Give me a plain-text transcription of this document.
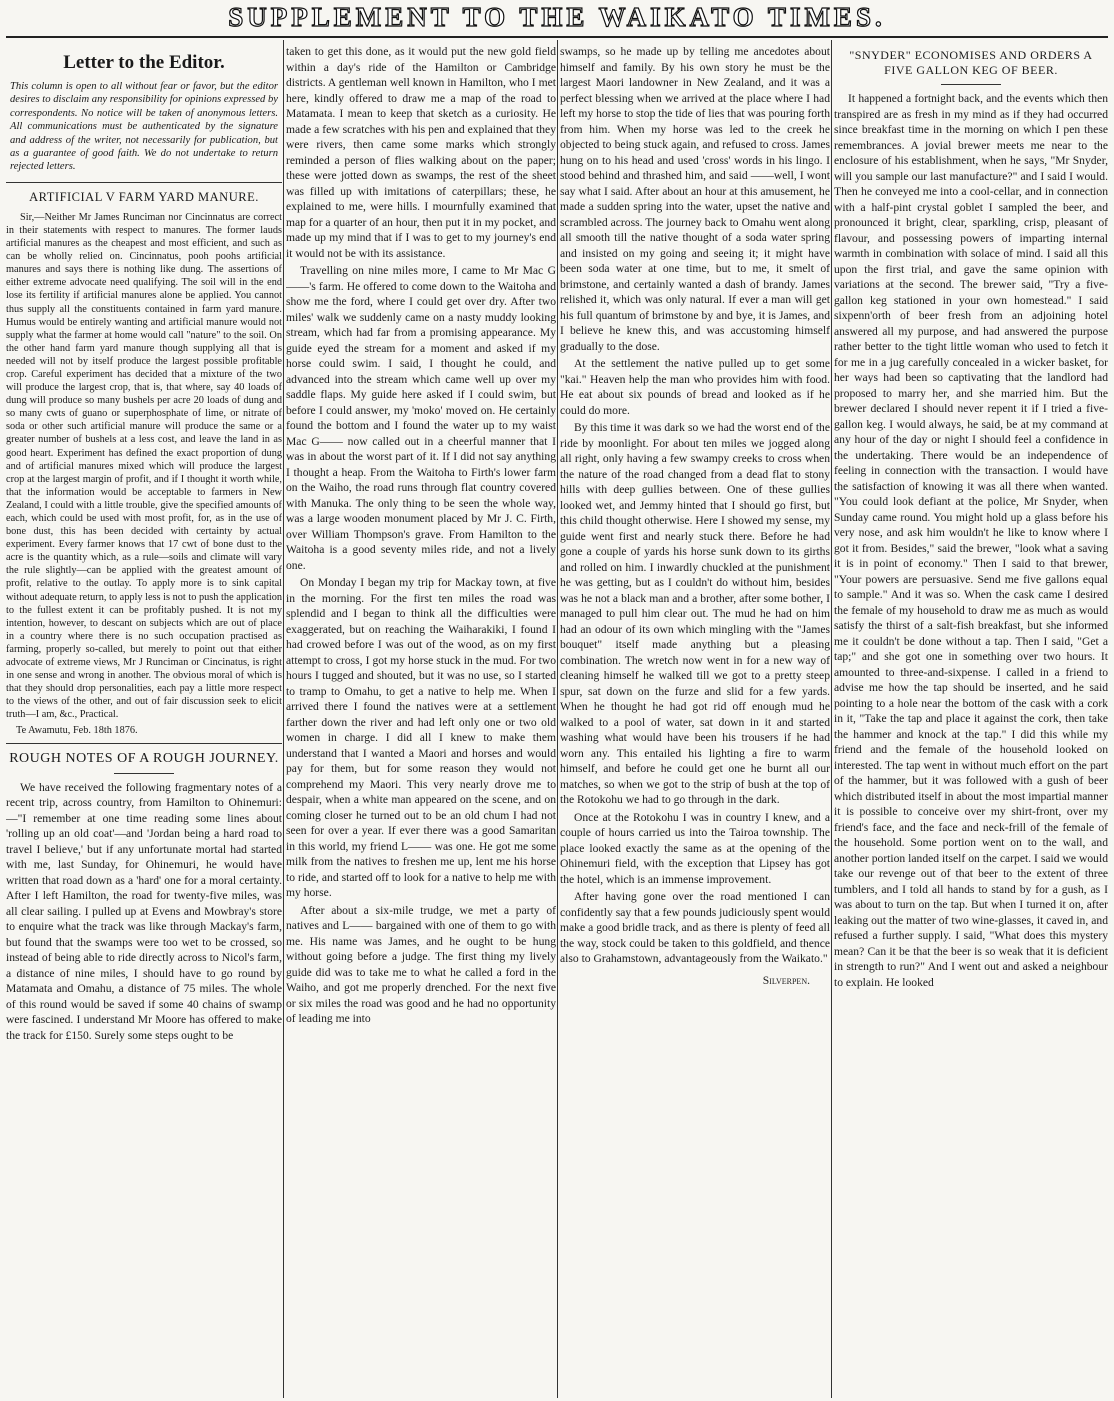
SUPPLEMENT TO THE WAIKATO TIMES.
Letter to the Editor.
This column is open to all without fear or favor, but the editor desires to disclaim any responsibility for opinions expressed by correspondents. No notice will be taken of anonymous letters. All communications must be authenticated by the signature and address of the writer, not necessarily for publication, but as a guarantee of good faith. We do not undertake to return rejected letters.
ARTIFICIAL V FARM YARD MANURE.

Sir,—Neither Mr James Runciman nor Cincinnatus are correct in their statements with respect to manures. The former lauds artificial manures as the cheapest and most efficient, and such as can be wholly relied on. Cincinnatus, pooh poohs artificial manures and says there is nothing like dung. The assertions of either extreme advocate need qualifying. The soil will in the end lose its fertility if artificial manures alone be applied. You cannot thus supply all the constituents contained in farm yard manure. Humus would be entirely wanting and artificial manure would not supply what the farmer at home would call "nature" to the soil. On the other hand farm yard manure though supplying all that is needed will not by itself produce the largest possible profitable crop. Careful experiment has decided that a mixture of the two will produce the largest crop, that is, that where, say 40 loads of dung will produce so many bushels per acre 20 loads of dung and so many cwts of guano or superphosphate of lime, or nitrate of soda or other such artificial manure will produce the same or a greater number of bushels at a less cost, and leave the land in as good heart. Experiment has defined the exact proportion of dung and of artificial manures mixed which will produce the largest crop at the largest margin of profit, and if I thought it worth while, that the information would be acceptable to farmers in New Zealand, I could with a little trouble, give the specified amounts of each, which could be used with most profit, for, as in the use of bone dust, this has been decided with certainty by actual experiment. Every farmer knows that 17 cwt of bone dust to the acre is the quantity which, as a rule—soils and climate will vary the rule slightly—can be applied with the greatest amount of profit, relative to the outlay. To apply more is to sink capital without adequate return, to apply less is not to push the application to the fullest extent it can be profitably pushed. It is not my intention, however, to descant on subjects which are out of place in a country where there is no such occupation practised as farming, properly so-called, but merely to point out that either advocate of extreme views, Mr J Runciman or Cincinatus, is right in one sense and wrong in another. The obvious moral of which is that they should drop personalities, each pay a little more respect to the views of the other, and out of fair discussion seek to elicit truth—I am, &c., Practical.

Te Awamutu, Feb. 18th 1876.

ROUGH NOTES OF A ROUGH JOURNEY.

We have received the following fragmentary notes of a recent trip, across country, from Hamilton to Ohinemuri:—"I remember at one time reading some lines about 'rolling up an old coat'—and 'Jordan being a hard road to travel I believe,' but if any unfortunate mortal had started with me, last Sunday, for Ohinemuri, he would have written that road down as a 'hard' one for a moral certainty. After I left Hamilton, the road for twenty-five miles, was all clear sailing. I pulled up at Evens and Mowbray's store to enquire what the track was like through Mackay's farm, but found that the swamps were too wet to be crossed, so instead of being able to ride directly across to Nicol's farm, a distance of nine miles, I should have to go round by Matamata and Omahu, a distance of 75 miles. The whole of this round would be saved if some 40 chains of swamp were fascined. I understand Mr Moore has offered to make the track for £150. Surely some steps ought to be

taken to get this done, as it would put the new gold field within a day's ride of the Hamilton or Cambridge districts. A gentleman well known in Hamilton, who I met here, kindly offered to draw me a map of the road to Matamata. I mean to keep that sketch as a curiosity. He made a few scratches with his pen and explained that they were rivers, then came some marks which strongly reminded a person of flies walking about on the paper; these were jotted down as swamps, the rest of the sheet was filled up with imitations of caterpillars; these, he explained to me, were hills. I mournfully examined that map for a quarter of an hour, then put it in my pocket, and made up my mind that if I was to get to my journey's end it would not be with its assistance.

Travelling on nine miles more, I came to Mr Mac G——'s farm. He offered to come down to the Waitoha and show me the ford, where I could get over dry. After two miles' walk we suddenly came on a nasty muddy looking stream, which had far from a promising appearance. My guide eyed the stream for a moment and asked if my horse could swim. I said, I thought he could, and advanced into the stream which came well up over my saddle flaps. My guide here asked if I could swim, but before I could answer, my 'moko' moved on. He certainly found the bottom and I found the water up to my waist Mac G—— now called out in a cheerful manner that I was in about the worst part of it. If I did not say anything I thought a heap. From the Waitoha to Firth's lower farm on the Waiho, the road runs through flat country covered with Manuka. The only thing to be seen the whole way, was a large wooden monument placed by Mr J. C. Firth, over William Thompson's grave. From Hamilton to the Waitoha is a good seventy miles ride, and not a lively one.

On Monday I began my trip for Mackay town, at five in the morning. For the first ten miles the road was splendid and I began to think all the difficulties were exaggerated, but on reaching the Waiharakiki, I found I had crowed before I was out of the wood, as on my first attempt to cross, I got my horse stuck in the mud. For two hours I tugged and shouted, but it was no use, so I started to tramp to Omahu, to get a native to help me. When I arrived there I found the natives were at a settlement farther down the river and had left only one or two old women in charge. I did all I knew to make them understand that I wanted a Maori and horses and would pay for them, but for some reason they would not comprehend my Maori. This very nearly drove me to despair, when a white man appeared on the scene, and on coming closer he turned out to be an old chum I had not seen for over a year. If ever there was a good Samaritan in this world, my friend L—— was one. He got me some milk from the natives to freshen me up, lent me his horse to ride, and started off to look for a native to help me with my horse.

After about a six-mile trudge, we met a party of natives and L—— bargained with one of them to go with me. His name was James, and he ought to be hung without going before a judge. The first thing my lively guide did was to take me to what he called a ford in the Waiho, and got me properly drenched. For the next five or six miles the road was good and he had no opportunity of leading me into

swamps, so he made up by telling me ancedotes about himself and family. By his own story he must be the largest Maori landowner in New Zealand, and it was a perfect blessing when we arrived at the place where I had left my horse to stop the tide of lies that was pouring forth from him. When my horse was led to the creek he objected to being stuck again, and refused to cross. James hung on to his head and used 'cross' words in his lingo. I stood behind and thrashed him, and said ——well, I wont say what I said. After about an hour at this amusement, he made a sudden spring into the water, upset the native and scrambled across. The journey back to Omahu went along all smooth till the native thought of a soda water spring and insisted on my going and seeing it; it might have been soda water at one time, but to me, it smelt of brimstone, and certainly wanted a dash of brandy. James relished it, which was only natural. If ever a man will get his full quantum of brimstone by and bye, it is James, and I believe he knew this, and was accustoming himself gradually to the dose.

At the settlement the native pulled up to get some "kai." Heaven help the man who provides him with food. He eat about six pounds of bread and looked as if he could do more.

By this time it was dark so we had the worst end of the ride by moonlight. For about ten miles we jogged along all right, only having a few swampy creeks to cross when the nature of the road changed from a dead flat to stony hills with deep gullies between. One of these gullies looked wet, and Jemmy hinted that I should go first, but this child thought otherwise. Here I showed my sense, my guide went first and nearly stuck there. Before he had gone a couple of yards his horse sunk down to its girths and rolled on him. I inwardly chuckled at the punishment he was getting, but as I couldn't do without him, besides was he not a black man and a brother, after some bother, I managed to pull him clear out. The mud he had on him had an odour of its own which mingling with the "James bouquet" itself made anything but a pleasing combination. The wretch now went in for a new way of cleaning himself he walked till we got to a pretty steep spur, sat down on the furze and slid for a few yards. When he thought he had got rid off enough mud he walked to a pool of water, sat down in it and started washing what would have been his trousers if he had worn any. This entailed his lighting a fire to warm himself, and before he could get one he burnt all our matches, so when we got to the strip of bush at the top of the Rotokohu we had to go through in the dark.

Once at the Rotokohu I was in country I knew, and a couple of hours carried us into the Tairoa township. The place looked exactly the same as at the opening of the Ohinemuri field, with the exception that Lipsey has got the hotel, which is an immense improvement.

After having gone over the road mentioned I can confidently say that a few pounds judiciously spent would make a good bridle track, and as there is plenty of feed all the way, stock could be taken to this goldfield, and thence also to Grahamstown, advantageously from the Waikato."

Silverpen.
"SNYDER" ECONOMISES AND ORDERS A FIVE GALLON KEG OF BEER.

It happened a fortnight back, and the events which then transpired are as fresh in my mind as if they had occurred since breakfast time in the morning on which I pen these remembrances. A jovial brewer meets me near to the enclosure of his establishment, when he says, "Mr Snyder, will you sample our last manufacture?" and I said I would. Then he conveyed me into a cool-cellar, and in connection with a half-pint crystal goblet I sampled the beer, and pronounced it bright, clear, sparkling, crisp, pleasant of flavour, and possessing powers of imparting internal warmth in combination with solace of mind. I said all this upon the first trial, and gave the same opinion with variations at the second. The brewer said, "Try a five-gallon keg stationed in your own homestead." I said sixpenn'orth of beer fresh from an adjoining hotel answered all my purpose, and had answered the purpose rather better to the tight little woman who used to fetch it for me in a jug carefully concealed in a wicker basket, for her ways had been so captivating that the landlord had proposed to marry her, and she married him. But the brewer declared I should never repent it if I tried a five-gallon keg. I would always, he said, be at my command at any hour of the day or night I should feel a confidence in the undertaking. There would be an independence of feeling in connection with the transaction. I would have the satisfaction of knowing it was all there when wanted. "You could look defiant at the police, Mr Snyder, when Sunday came round. You might hold up a glass before his very nose, and ask him wouldn't he like to know where I got it from. Besides," said the brewer, "look what a saving it is in point of economy." Then I said to that brewer, "Your powers are persuasive. Send me five gallons equal to sample." And it was so. When the cask came I desired the female of my household to draw me as much as would satisfy the thirst of a salt-fish breakfast, but she informed me it couldn't be done without a tap. Then I said, "Get a tap;" and she got one in something over two hours. It amounted to three-and-sixpense. I called in a friend to advise me how the tap should be inserted, and he said pointing to a hole near the bottom of the cask with a cork in it, "Take the tap and place it against the cork, then take the hammer and knock at the tap." I did this while my friend and the female of the household looked on interested. The tap went in without much effort on the part of the hammer, but it was followed with a gush of beer which distributed itself in about the most impartial manner it is possible to conceive over my shirt-front, over my friend's face, and the face and neck-frill of the female of the household. Some portion went on to the wall, and another portion landed itself on the carpet. I said we would take our revenge out of that beer to the extent of three tumblers, and I told all hands to stand by for a gush, as I was about to turn on the tap. But when I turned it on, after leaking out the matter of two wine-glasses, it caved in, and refused a further supply. I said, "What does this mystery mean? Can it be that the beer is so weak that it is deficient in strength to run?" And I went out and asked a neighbour to explain. He looked
